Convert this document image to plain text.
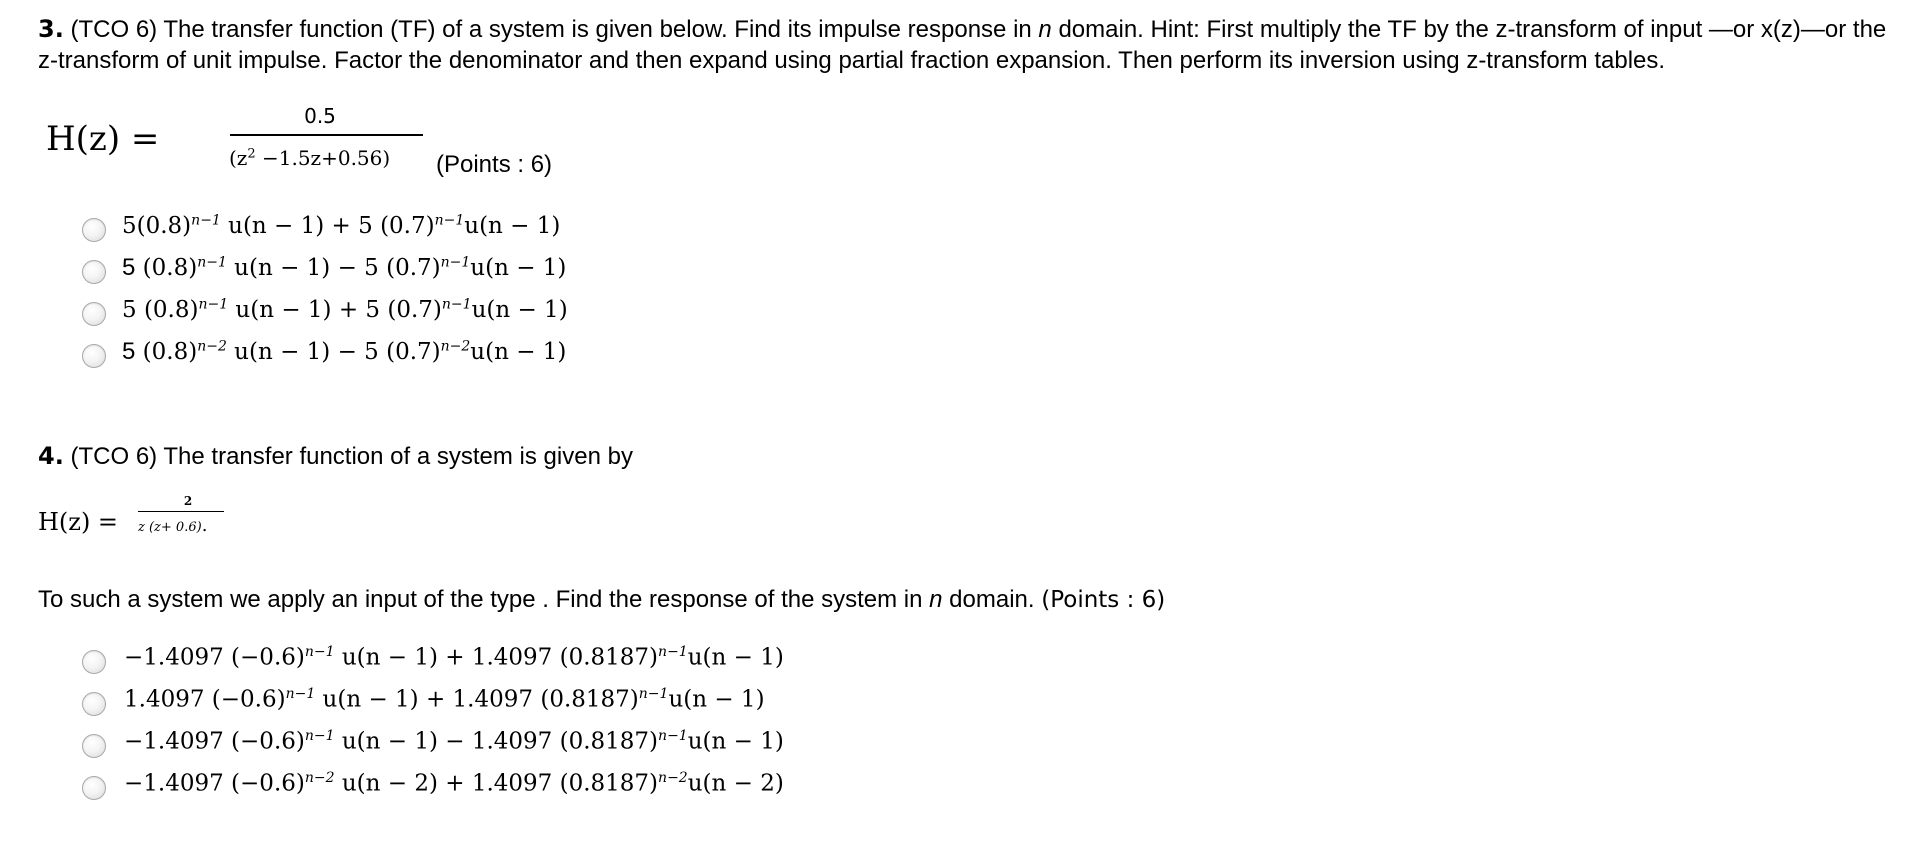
3. (TCO 6) The transfer function (TF) of a system is given below. Find its impulse response in n domain. Hint: First multiply the TF by the z-transform of input —or x(z)—or the z-transform of unit impulse. Factor the denominator and then expand using partial fraction expansion. Then perform its inversion using z-transform tables.
H(z) =
0.5
$(z^2 -1.5z+0.56)$ (Points : 6)
$5(0.8)^{n-1}$ u(n − 1) + 5 $(0.7)^{n-1}u(n - 1)$
5 $(0.8)^{n-1}$ u(n − 1) − 5 $(0.7)^{n-1}u(n - 1)$
5 $(0.8)^{n-1}$ u(n − 1) + 5 $(0.7)^{n-1}u(n - 1)$
5 $(0.8)^{n-2}$ u(n − 1) − 5 $(0.7)^{n-2}u(n - 1)$
4. (TCO 6) The transfer function of a system is given by
H(z) =
2
z (z+ 0.6).
To such a system we apply an input of the type . Find the response of the system in n domain. (Points : 6)
−1.4097 $(-0.6)^{n-1}$ u(n − 1) + 1.4097 $(0.8187)^{n-1}u(n - 1)$
1.4097 $(-0.6)^{n-1}$ u(n − 1) + 1.4097 $(0.8187)^{n-1}u(n - 1)$
−1.4097 $(-0.6)^{n-1}$ u(n − 1) − 1.4097 $(0.8187)^{n-1}u(n - 1)$
−1.4097 $(-0.6)^{n-2}$ u(n − 2) + 1.4097 $(0.8187)^{n-2}u(n - 2)$
